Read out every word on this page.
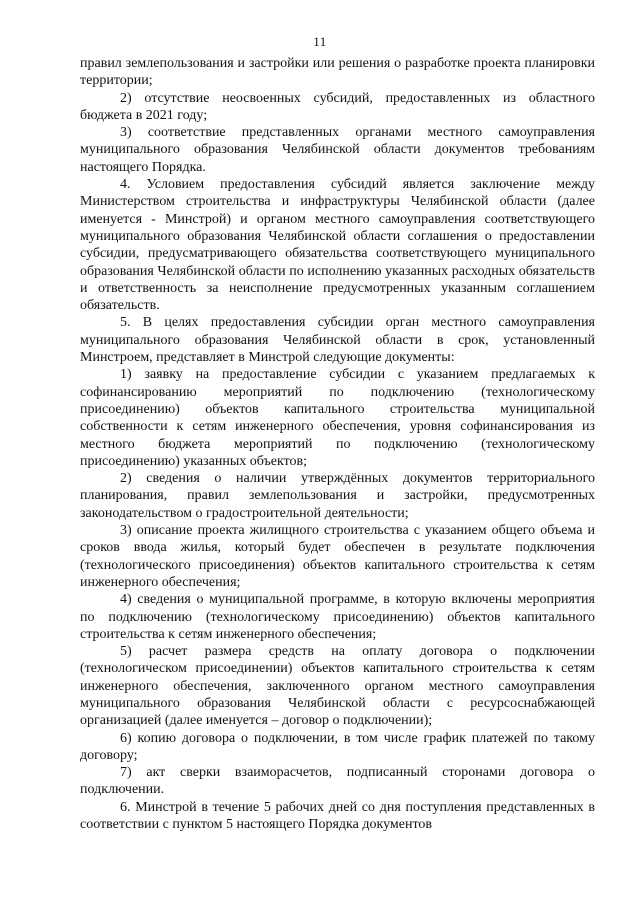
11

правил землепользования и застройки или решения о разработке проекта планировки территории;

2) отсутствие неосвоенных субсидий, предоставленных из областного бюджета в 2021 году;

3) соответствие представленных органами местного самоуправления муниципального образования Челябинской области документов требованиям настоящего Порядка.

4. Условием предоставления субсидий является заключение между Министерством строительства и инфраструктуры Челябинской области (далее именуется - Минстрой) и органом местного самоуправления соответствующего муниципального образования Челябинской области соглашения о предоставлении субсидии, предусматривающего обязательства соответствующего муниципального образования Челябинской области по исполнению указанных расходных обязательств и ответственность за неисполнение предусмотренных указанным соглашением обязательств.

5. В целях предоставления субсидии орган местного самоуправления муниципального образования Челябинской области в срок, установленный Минстроем, представляет в Минстрой следующие документы:

1) заявку на предоставление субсидии с указанием предлагаемых к софинансированию мероприятий по подключению (технологическому присоединению) объектов капитального строительства муниципальной собственности к сетям инженерного обеспечения, уровня софинансирования из местного бюджета мероприятий по подключению (технологическому присоединению) указанных объектов;

2) сведения о наличии утверждённых документов территориального планирования, правил землепользования и застройки, предусмотренных законодательством о градостроительной деятельности;

3) описание проекта жилищного строительства с указанием общего объема и сроков ввода жилья, который будет обеспечен в результате подключения (технологического присоединения) объектов капитального строительства к сетям инженерного обеспечения;

4) сведения о муниципальной программе, в которую включены мероприятия по подключению (технологическому присоединению) объектов капитального строительства к сетям инженерного обеспечения;

5) расчет размера средств на оплату договора о подключении (технологическом присоединении) объектов капитального строительства к сетям инженерного обеспечения, заключенного органом местного самоуправления муниципального образования Челябинской области с ресурсоснабжающей организацией (далее именуется – договор о подключении);

6) копию договора о подключении, в том числе график платежей по такому договору;

7) акт сверки взаиморасчетов, подписанный сторонами договора о подключении.

6. Минстрой в течение 5 рабочих дней со дня поступления представленных в соответствии с пунктом 5 настоящего Порядка документов
